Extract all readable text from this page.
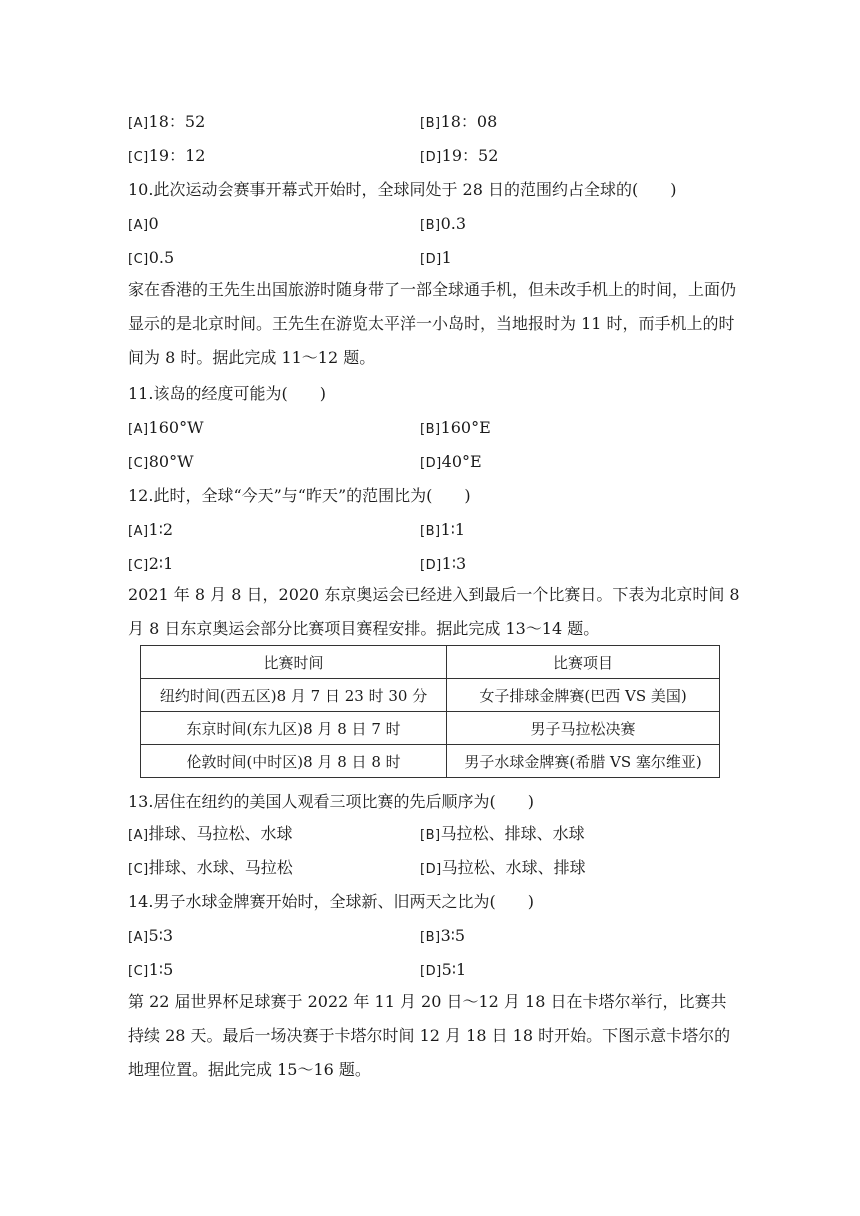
[A]18：52	[B]18：08
[C]19：12	[D]19：52
10.此次运动会赛事开幕式开始时，全球同处于 28 日的范围约占全球的(　　)
[A]0	[B]0.3
[C]0.5	[D]1
家在香港的王先生出国旅游时随身带了一部全球通手机，但未改手机上的时间，上面仍显示的是北京时间。王先生在游览太平洋一小岛时，当地报时为 11 时，而手机上的时间为 8 时。据此完成 11～12 题。
11.该岛的经度可能为(　　)
[A]160°W	[B]160°E
[C]80°W	[D]40°E
12.此时，全球“今天”与“昨天”的范围比为(　　)
[A]1∶2	[B]1∶1
[C]2∶1	[D]1∶3
2021 年 8 月 8 日，2020 东京奥运会已经进入到最后一个比赛日。下表为北京时间 8 月 8 日东京奥运会部分比赛项目赛程安排。据此完成 13～14 题。
比赛时间	比赛项目
纽约时间(西五区)8 月 7 日 23 时 30 分	女子排球金牌赛(巴西 VS 美国)
东京时间(东九区)8 月 8 日 7 时	男子马拉松决赛
伦敦时间(中时区)8 月 8 日 8 时	男子水球金牌赛(希腊 VS 塞尔维亚)
13.居住在纽约的美国人观看三项比赛的先后顺序为(　　)
[A]排球、马拉松、水球	[B]马拉松、排球、水球
[C]排球、水球、马拉松	[D]马拉松、水球、排球
14.男子水球金牌赛开始时，全球新、旧两天之比为(　　)
[A]5∶3	[B]3∶5
[C]1∶5	[D]5∶1
第 22 届世界杯足球赛于 2022 年 11 月 20 日～12 月 18 日在卡塔尔举行，比赛共持续 28 天。最后一场决赛于卡塔尔时间 12 月 18 日 18 时开始。下图示意卡塔尔的地理位置。据此完成 15～16 题。
